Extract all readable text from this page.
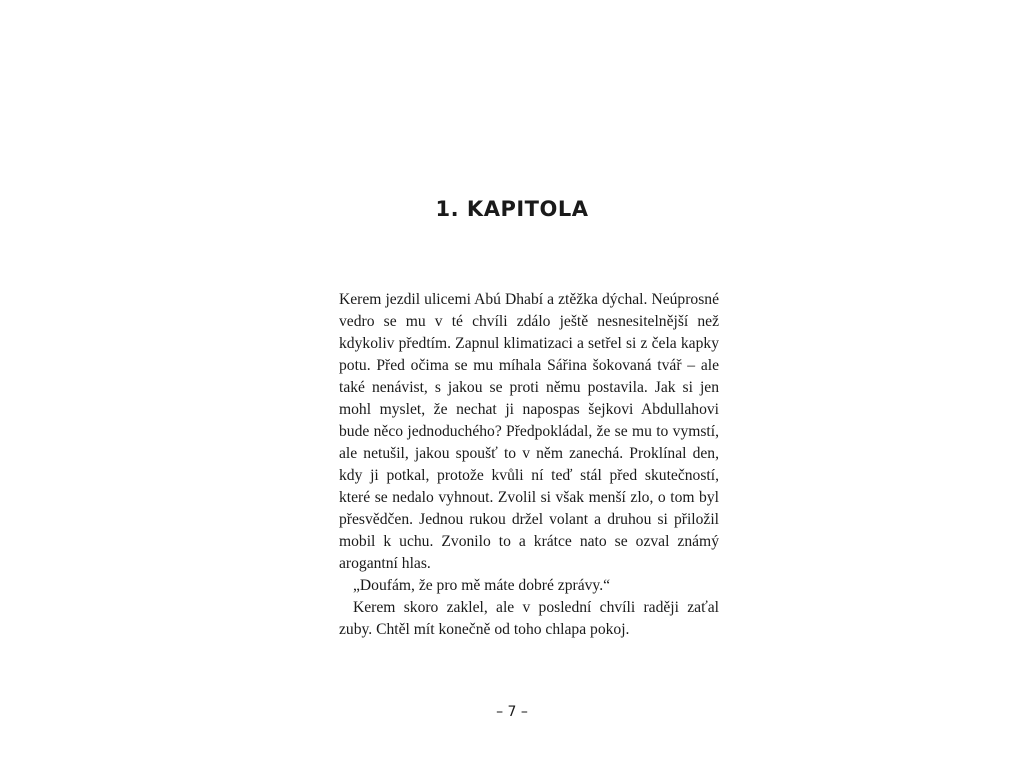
1. KAPITOLA

Kerem jezdil ulicemi Abú Dhabí a ztěžka dýchal. Neúprosné vedro se mu v té chvíli zdálo ještě nesnesitelnější než kdykoliv předtím. Zapnul klimatizaci a setřel si z čela kapky potu. Před očima se mu míhala Sářina šokovaná tvář – ale také nenávist, s jakou se proti němu postavila. Jak si jen mohl myslet, že nechat ji napospas šejkovi Abdullahovi bude něco jednoduchého? Předpokládal, že se mu to vymstí, ale netušil, jakou spoušť to v něm zanechá. Proklínal den, kdy ji potkal, protože kvůli ní teď stál před skutečností, které se nedalo vyhnout. Zvolil si však menší zlo, o tom byl přesvědčen. Jednou rukou držel volant a druhou si přiložil mobil k uchu. Zvonilo to a krátce nato se ozval známý arogantní hlas.

„Doufám, že pro mě máte dobré zprávy.“

Kerem skoro zaklel, ale v poslední chvíli raději zaťal zuby. Chtěl mít konečně od toho chlapa pokoj.

– 7 –
